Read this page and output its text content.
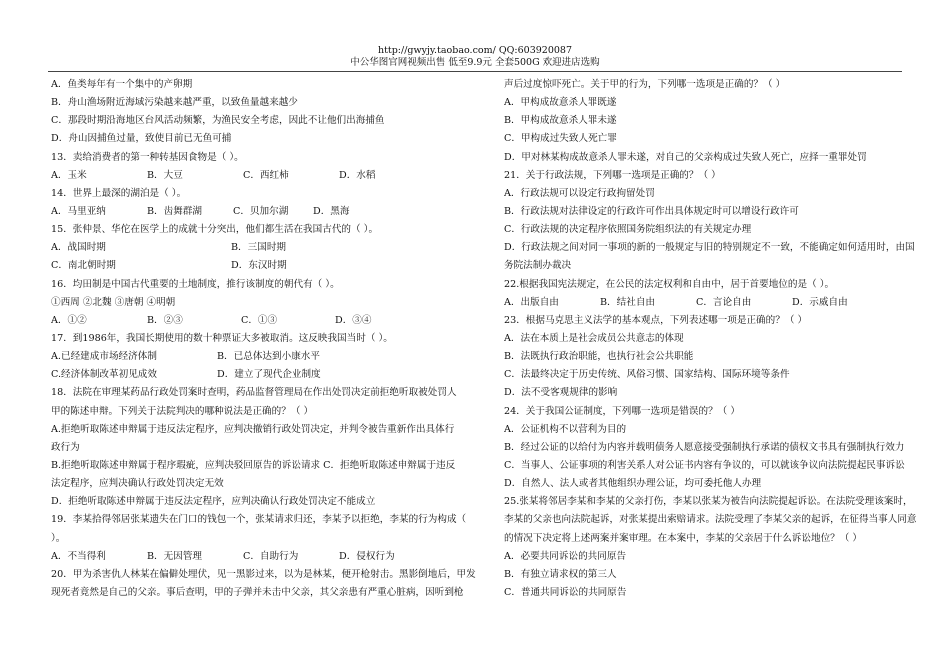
http://gwyjy.taobao.com/ QQ:603920087
中公华图官网视频出售 低至9.9元 全套500G 欢迎进店选购
A．鱼类每年有一个集中的产卵期
B．舟山渔场附近海域污染越来越严重，以致鱼量越来越少
C．那段时期沿海地区台风活动频繁，为渔民安全考虑，因此不让他们出海捕鱼
D．舟山因捕鱼过量，致使目前已无鱼可捕
13．卖给消费者的第一种转基因食物是（ ）。
A．玉米	B．大豆	C．西红柿	D．水稻
14．世界上最深的湖泊是（ ）。
A．马里亚纳	B．齿舞群湖	C．贝加尔湖	D．黑海
15．张仲景、华佗在医学上的成就十分突出，他们都生活在我国古代的（ ）。
A．战国时期	B．三国时期
C．南北朝时期	D．东汉时期
16．均田制是中国古代重要的土地制度，推行该制度的朝代有（ ）。
①西周 ②北魏 ③唐朝 ④明朝
A．①②	B．②③	C．①③	D．③④
17．到1986年，我国长期使用的数十种票证大多被取消。这反映我国当时（ ）。
A.已经建成市场经济体制	B．已总体达到小康水平
C.经济体制改革初见成效	D．建立了现代企业制度
18．法院在审理某药品行政处罚案时查明，药品监督管理局在作出处罚决定前拒绝听取被处罚人
甲的陈述申辩。下列关于法院判决的哪种说法是正确的？（ ）
A.拒绝听取陈述申辩属于违反法定程序，应判决撤销行政处罚决定，并判令被告重新作出具体行
政行为
B.拒绝听取陈述申辩属于程序瑕疵，应判决驳回原告的诉讼请求 C．拒绝听取陈述申辩属于违反
法定程序，应判决确认行政处罚决定无效
D．拒绝听取陈述申辩属于违反法定程序，应判决确认行政处罚决定不能成立
19．李某拾得邻居张某遗失在门口的钱包一个，张某请求归还，李某予以拒绝，李某的行为构成（
）。
A．不当得利	B．无因管理	C．自助行为	D．侵权行为
20．甲为杀害仇人林某在偏僻处埋伏，见一黑影过来，以为是林某，便开枪射击。黑影倒地后，甲发
现死者竟然是自己的父亲。事后查明，甲的子弹并未击中父亲，其父亲患有严重心脏病，因听到枪
声后过度惊吓死亡。关于甲的行为，下列哪一选项是正确的？（ ）
A．甲构成故意杀人罪既遂
B．甲构成故意杀人罪未遂
C．甲构成过失致人死亡罪
D．甲对林某构成故意杀人罪未遂，对自己的父亲构成过失致人死亡，应择一重罪处罚
21．关于行政法规，下列哪一选项是正确的？（ ）
A．行政法规可以设定行政拘留处罚
B．行政法规对法律设定的行政许可作出具体规定时可以增设行政许可
C．行政法规的决定程序依照国务院组织法的有关规定办理
D．行政法规之间对同一事项的新的一般规定与旧的特别规定不一致，不能确定如何适用时，由国
务院法制办裁决
22.根据我国宪法规定，在公民的法定权利和自由中，居于首要地位的是（ ）。
A．出版自由	B．结社自由	C．言论自由	D．示威自由
23．根据马克思主义法学的基本观点，下列表述哪一项是正确的？（ ）
A．法在本质上是社会成员公共意志的体现
B．法既执行政治职能，也执行社会公共职能
C．法最终决定于历史传统、风俗习惯、国家结构、国际环境等条件
D．法不受客观规律的影响
24．关于我国公证制度，下列哪一选项是错误的？（ ）
A．公证机构不以营利为目的
B．经过公证的以给付为内容并载明债务人愿意接受强制执行承诺的债权文书具有强制执行效力
C．当事人、公证事项的利害关系人对公证书内容有争议的，可以就该争议向法院提起民事诉讼
D．自然人、法人或者其他组织办理公证，均可委托他人办理
25.张某将邻居李某和李某的父亲打伤，李某以张某为被告向法院提起诉讼。在法院受理该案时，
李某的父亲也向法院起诉，对张某提出索赔请求。法院受理了李某父亲的起诉，在征得当事人同意
的情况下决定将上述两案并案审理。在本案中，李某的父亲居于什么诉讼地位？（ ）
A．必要共同诉讼的共同原告
B．有独立请求权的第三人
C．普通共同诉讼的共同原告
